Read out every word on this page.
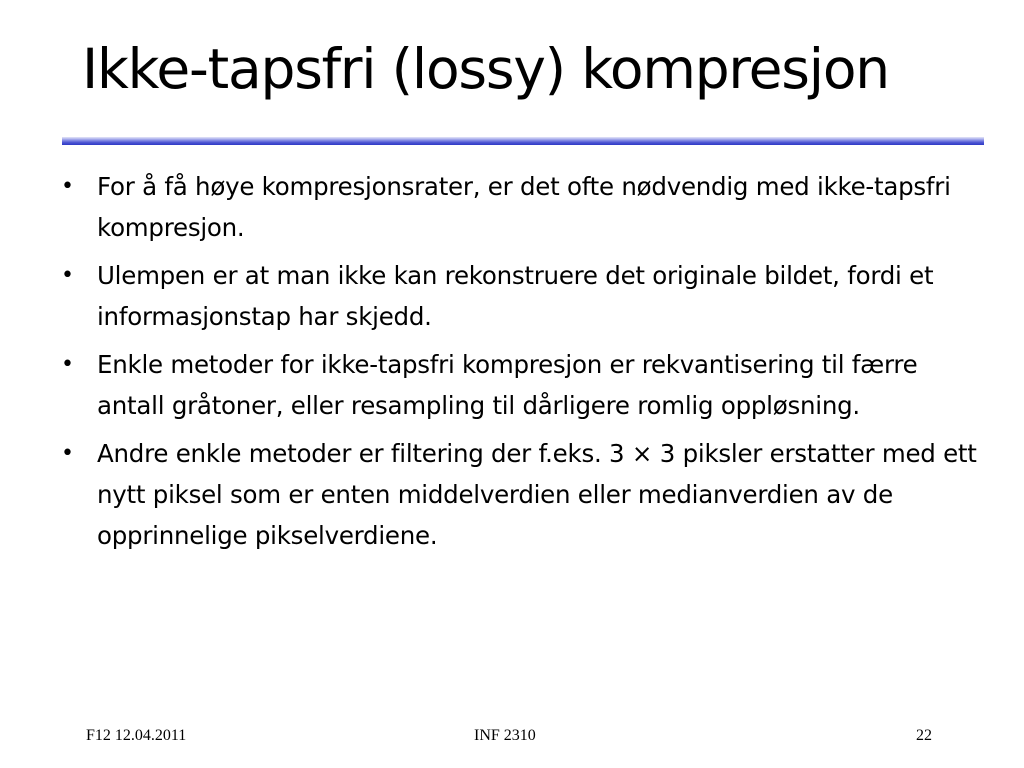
Ikke-tapsfri (lossy) kompresjon
• For å få høye kompresjonsrater, er det ofte nødvendig med ikke-tapsfri kompresjon.
• Ulempen er at man ikke kan rekonstruere det originale bildet, fordi et informasjonstap har skjedd.
• Enkle metoder for ikke-tapsfri kompresjon er rekvantisering til færre antall gråtoner, eller resampling til dårligere romlig oppløsning.
• Andre enkle metoder er filtering der f.eks. 3 × 3 piksler erstatter med ett nytt piksel som er enten middelverdien eller medianverdien av de opprinnelige pikselverdiene.
F12 12.04.2011	INF 2310	22
